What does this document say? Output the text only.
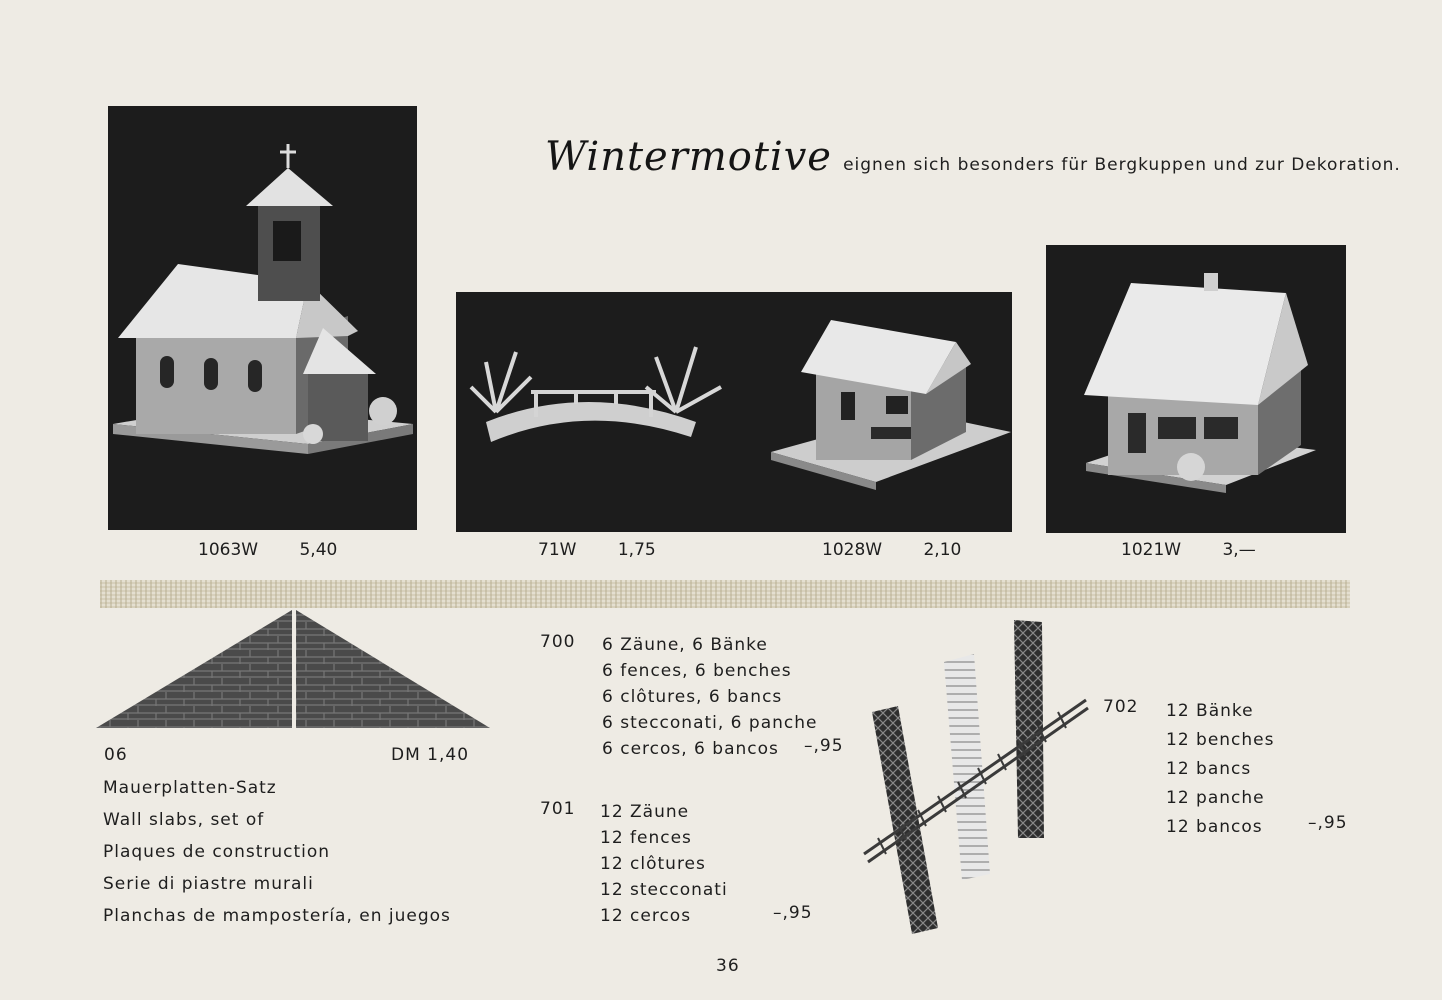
Wintermotive eignen sich besonders für Bergkuppen und zur Dekoration.
1063W 5,40	71W 1,75	1028W 2,10	1021W 3,—
06	DM 1,40
Mauerplatten-Satz
Wall slabs, set of
Plaques de construction
Serie di piastre murali
Planchas de mampostería, en juegos
700 6 Zäune, 6 Bänke
6 fences, 6 benches
6 clôtures, 6 bancs
6 stecconati, 6 panche
6 cercos, 6 bancos	–,95
701 12 Zäune
12 fences
12 clôtures
12 stecconati
12 cercos	–,95
702 12 Bänke
12 benches
12 bancs
12 panche
12 bancos	–,95
36
